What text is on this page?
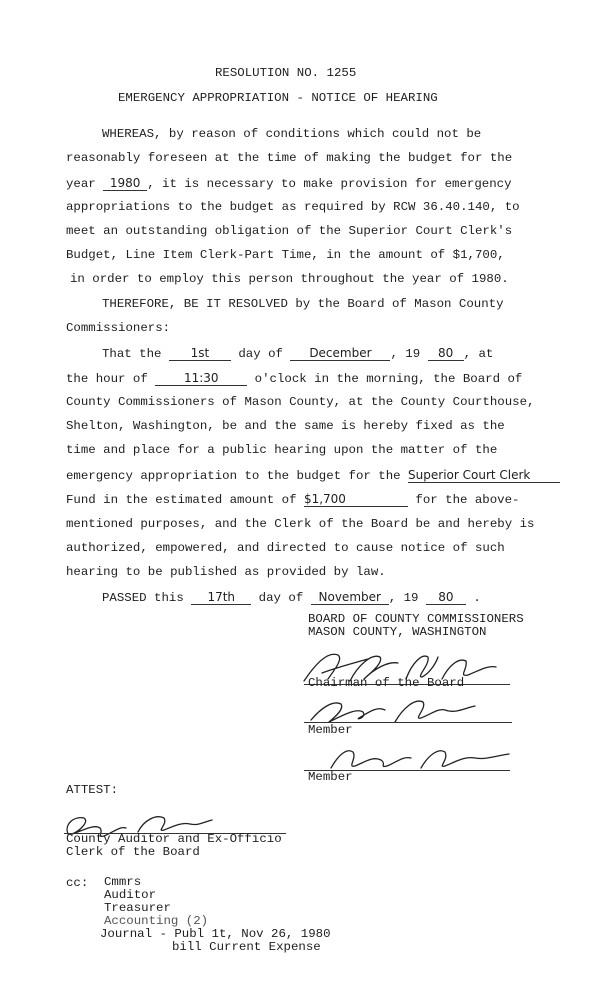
RESOLUTION NO. 1255
EMERGENCY APPROPRIATION - NOTICE OF HEARING
WHEREAS, by reason of conditions which could not be
reasonably foreseen at the time of making the budget for the
year 1980 , it is necessary to make provision for emergency
appropriations to the budget as required by RCW 36.40.140, to
meet an outstanding obligation of the Superior Court Clerk's
Budget, Line Item Clerk-Part Time, in the amount of $1,700,
in order to employ this person throughout the year of 1980.
THEREFORE, BE IT RESOLVED by the Board of Mason County
Commissioners:
That the 1st day of December , 19 80 , at
the hour of	11:30	o'clock in the morning, the Board of
County Commissioners of Mason County, at the County Courthouse,
Shelton, Washington, be and the same is hereby fixed as the
time and place for a public hearing upon the matter of the
emergency appropriation to the budget for the Superior Court Clerk
Fund in the estimated amount of $1,700	for the above-
mentioned purposes, and the Clerk of the Board be and hereby is
authorized, empowered, and directed to cause notice of such
hearing to be published as provided by law.
PASSED this 17th day of November , 19 80 .
BOARD OF COUNTY COMMISSIONERS
MASON COUNTY, WASHINGTON
Chairman of the Board
Member
Member
ATTEST:
County Auditor and Ex-Officio
Clerk of the Board
cc: Cmmrs
Auditor
Treasurer
Accounting (2)
Journal - Publ 1t, Nov 26, 1980
bill Current Expense
